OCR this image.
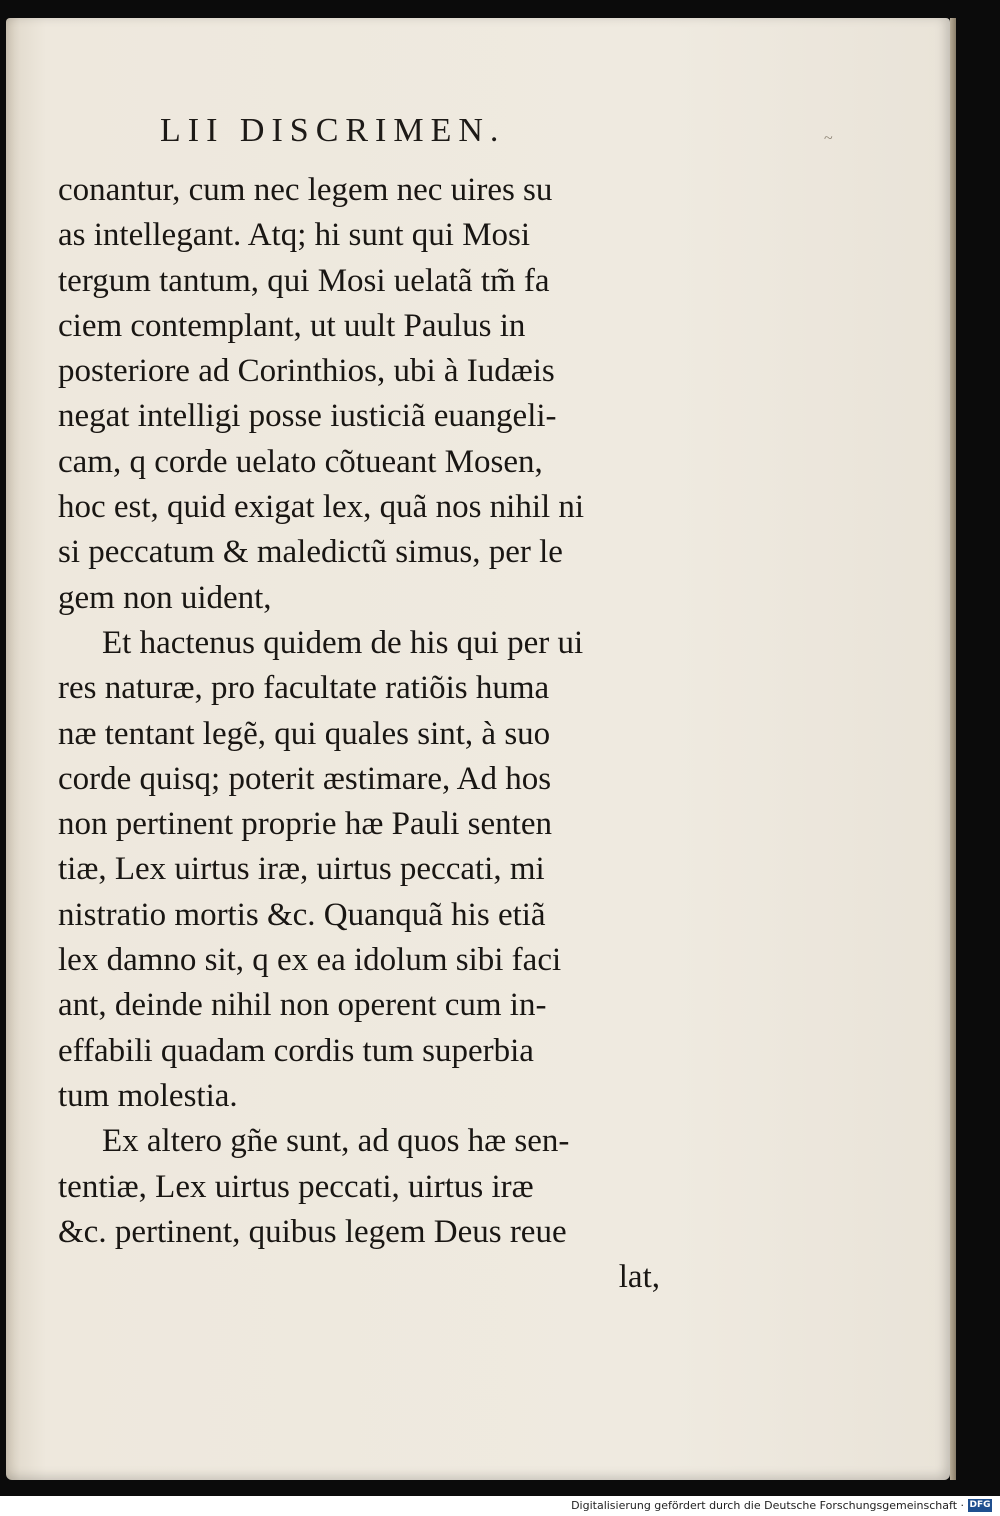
LII DISCRIMEN.	~
conantur, cum nec legem nec uires su
as intellegant. Atq; hi sunt qui Mosi
tergum tantum, qui Mosi uelatã tm̃ fa
ciem contemplant, ut uult Paulus in
posteriore ad Corinthios, ubi à Iudæis
negat intelligi posse iusticiã euangeli-
cam, q corde uelato cõtueant Mosen,
hoc est, quid exigat lex, quã nos nihil ni
si peccatum & maledictũ simus, per le
gem non uident,
Et hactenus quidem de his qui per ui
res naturæ, pro facultate ratiõis huma
næ tentant legẽ, qui quales sint, à suo
corde quisq; poterit æstimare, Ad hos
non pertinent proprie hæ Pauli senten
tiæ, Lex uirtus iræ, uirtus peccati, mi
nistratio mortis &c. Quanquã his etiã
lex damno sit, q ex ea idolum sibi faci
ant, deinde nihil non operent cum in-
effabili quadam cordis tum superbia
tum molestia.
Ex altero gñe sunt, ad quos hæ sen-
tentiæ, Lex uirtus peccati, uirtus iræ
&c. pertinent, quibus legem Deus reue
lat,
Digitalisierung gefördert durch die Deutsche Forschungsgemeinschaft · DFG
